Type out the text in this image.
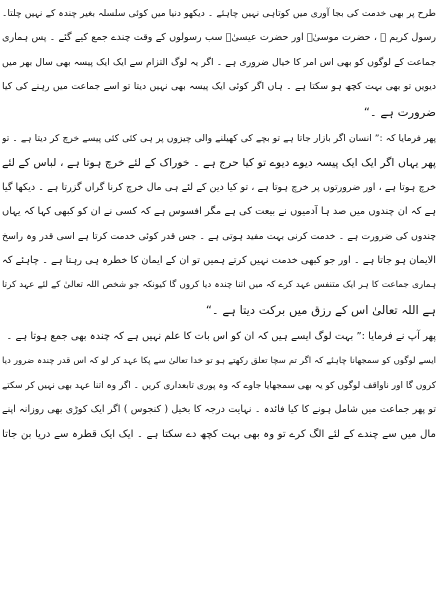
طرح پر بھی خدمت کی بجا آوری میں کوتاہی نہیں چاہئے ۔ دیکھو دنیا میں کوئی سلسلہ بغیر چندہ کے نہیں چلتا۔
رسول کریم ﷺ ، حضرت موسیٰؑ اور حضرت عیسیٰؑ سب رسولوں کے وقت چندے جمع کیے گئے ۔ پس ہماری
جماعت کے لوگوں کو بھی اس امر کا خیال ضروری ہے ۔ اگر یہ لوگ التزام سے ایک ایک پیسہ بھی سال بھر میں
دیویں تو بھی بہت کچھ ہو سکتا ہے ۔ ہاں اگر کوئی ایک پیسہ بھی نہیں دیتا تو اسے جماعت میں رہنے کی کیا
ضرورت ہے ۔“
پھر فرمایا کہ :” انسان اگر بازار جاتا ہے تو بچے کی کھیلنے والی چیزوں پر ہی کئی کئی پیسے خرچ کر دیتا ہے ۔ تو
پھر یہاں اگر ایک ایک پیسہ دیوے دیوے تو کیا حرج ہے ۔ خوراک کے لئے خرچ ہوتا ہے ، لباس کے لئے
خرچ ہوتا ہے ، اور ضرورتوں پر خرچ ہوتا ہے ، تو کیا دین کے لئے ہی مال خرچ کرنا گراں گزرتا ہے ۔ دیکھا گیا
ہے کہ ان چندوں میں صد ہا آدمیوں نے بیعت کی ہے مگر افسوس ہے کہ کسی نے ان کو کبھی کہا کہ یہاں
چندوں کی ضرورت ہے ۔ خدمت کرنی بہت مفید ہوتی ہے ۔ جس قدر کوئی خدمت کرتا ہے اسی قدر وہ راسخ
الایمان ہو جاتا ہے ۔ اور جو کبھی خدمت نہیں کرتے ہمیں تو ان کے ایمان کا خطرہ ہی رہتا ہے ۔ چاہئے کہ
ہماری جماعت کا ہر ایک متنفس عہد کرے کہ میں اتنا چندہ دیا کروں گا کیونکہ جو شخص اللہ تعالیٰ کے لئے عہد کرتا
ہے اللہ تعالیٰ اس کے رزق میں برکت دیتا ہے ۔“
پھر آپ نے فرمایا :” بہت لوگ ایسے ہیں کہ ان کو اس بات کا علم نہیں ہے کہ چندہ بھی جمع ہوتا ہے ۔
ایسے لوگوں کو سمجھانا چاہئے کہ اگر تم سچا تعلق رکھتے ہو تو خدا تعالیٰ سے پکا عہد کر لو کہ اس قدر چندہ ضرور دیا
کروں گا اور ناواقف لوگوں کو یہ بھی سمجھایا جاوے کہ وہ پوری تابعداری کریں ۔ اگر وہ اتنا عہد بھی نہیں کر سکتے
تو پھر جماعت میں شامل ہونے کا کیا فائدہ ۔ نہایت درجہ کا بخیل ( کنجوس ) اگر ایک کوڑی بھی روزانہ اپنے
مال میں سے چندے کے لئے الگ کرے تو وہ بھی بہت کچھ دے سکتا ہے ۔ ایک ایک قطرہ سے دریا بن جاتا
